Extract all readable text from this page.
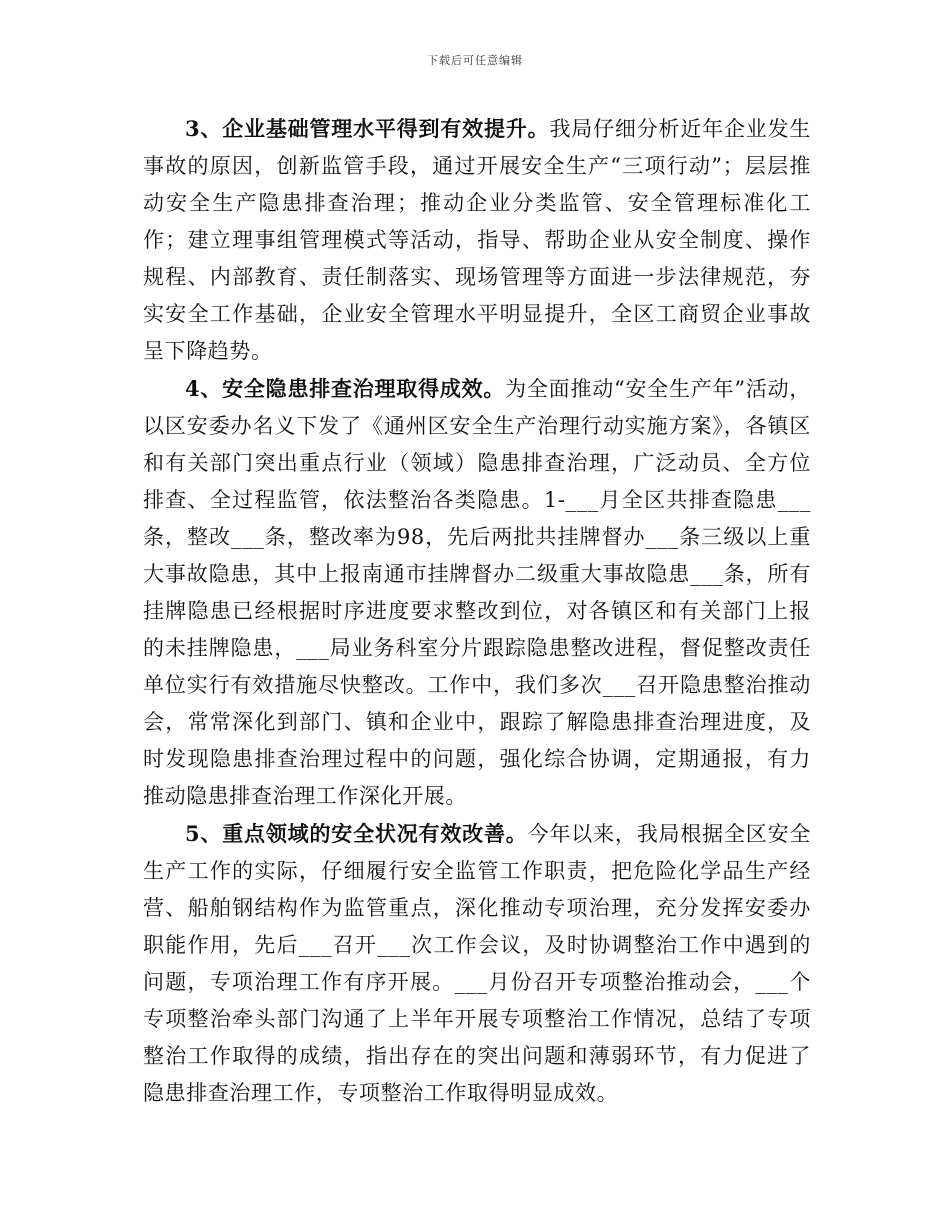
下载后可任意编辑

3、企业基础管理水平得到有效提升。我局仔细分析近年企业发生事故的原因，创新监管手段，通过开展安全生产“三项行动”；层层推动安全生产隐患排查治理；推动企业分类监管、安全管理标准化工作；建立理事组管理模式等活动，指导、帮助企业从安全制度、操作规程、内部教育、责任制落实、现场管理等方面进一步法律规范，夯实安全工作基础，企业安全管理水平明显提升，全区工商贸企业事故呈下降趋势。

4、安全隐患排查治理取得成效。为全面推动“安全生产年”活动，以区安委办名义下发了《通州区安全生产治理行动实施方案》，各镇区和有关部门突出重点行业（领域）隐患排查治理，广泛动员、全方位排查、全过程监管，依法整治各类隐患。1-___月全区共排查隐患___条，整改___条，整改率为98，先后两批共挂牌督办___条三级以上重大事故隐患，其中上报南通市挂牌督办二级重大事故隐患___条，所有挂牌隐患已经根据时序进度要求整改到位，对各镇区和有关部门上报的未挂牌隐患，___局业务科室分片跟踪隐患整改进程，督促整改责任单位实行有效措施尽快整改。工作中，我们多次___召开隐患整治推动会，常常深化到部门、镇和企业中，跟踪了解隐患排查治理进度，及时发现隐患排查治理过程中的问题，强化综合协调，定期通报，有力推动隐患排查治理工作深化开展。

5、重点领域的安全状况有效改善。今年以来，我局根据全区安全生产工作的实际，仔细履行安全监管工作职责，把危险化学品生产经营、船舶钢结构作为监管重点，深化推动专项治理，充分发挥安委办职能作用，先后___召开___次工作会议，及时协调整治工作中遇到的问题，专项治理工作有序开展。___月份召开专项整治推动会，___个专项整治牵头部门沟通了上半年开展专项整治工作情况，总结了专项整治工作取得的成绩，指出存在的突出问题和薄弱环节，有力促进了隐患排查治理工作，专项整治工作取得明显成效。
